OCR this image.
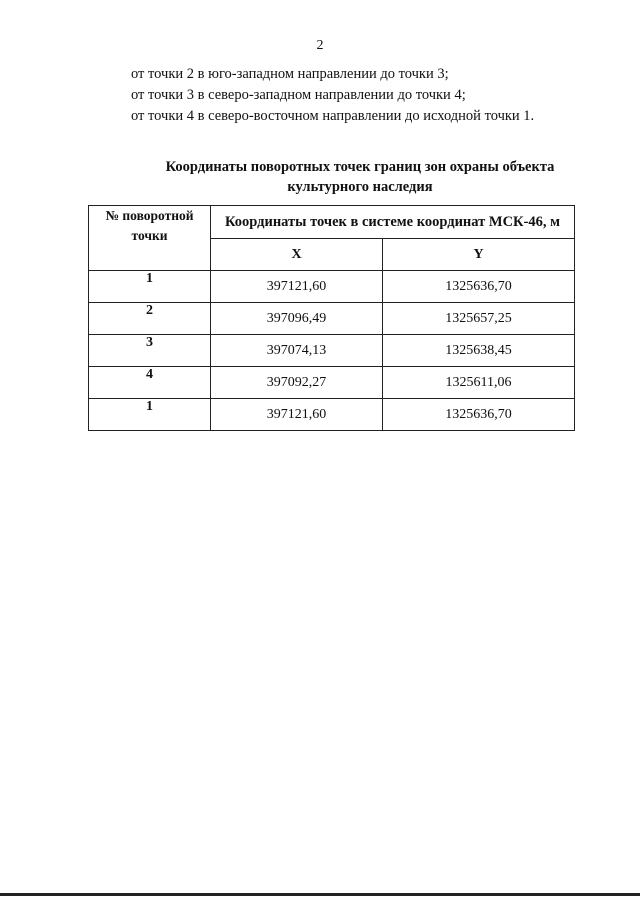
2
от точки 2 в юго-западном направлении до точки 3;
от точки 3 в северо-западном направлении до точки 4;
от точки 4 в северо-восточном направлении до исходной точки 1.
Координаты поворотных точек границ зон охраны объекта
культурного наследия
№ поворотной точки	Координаты точек в системе координат МСК-46, м	
	X	Y
1	397121,60	1325636,70
2	397096,49	1325657,25
3	397074,13	1325638,45
4	397092,27	1325611,06
1	397121,60	1325636,70
